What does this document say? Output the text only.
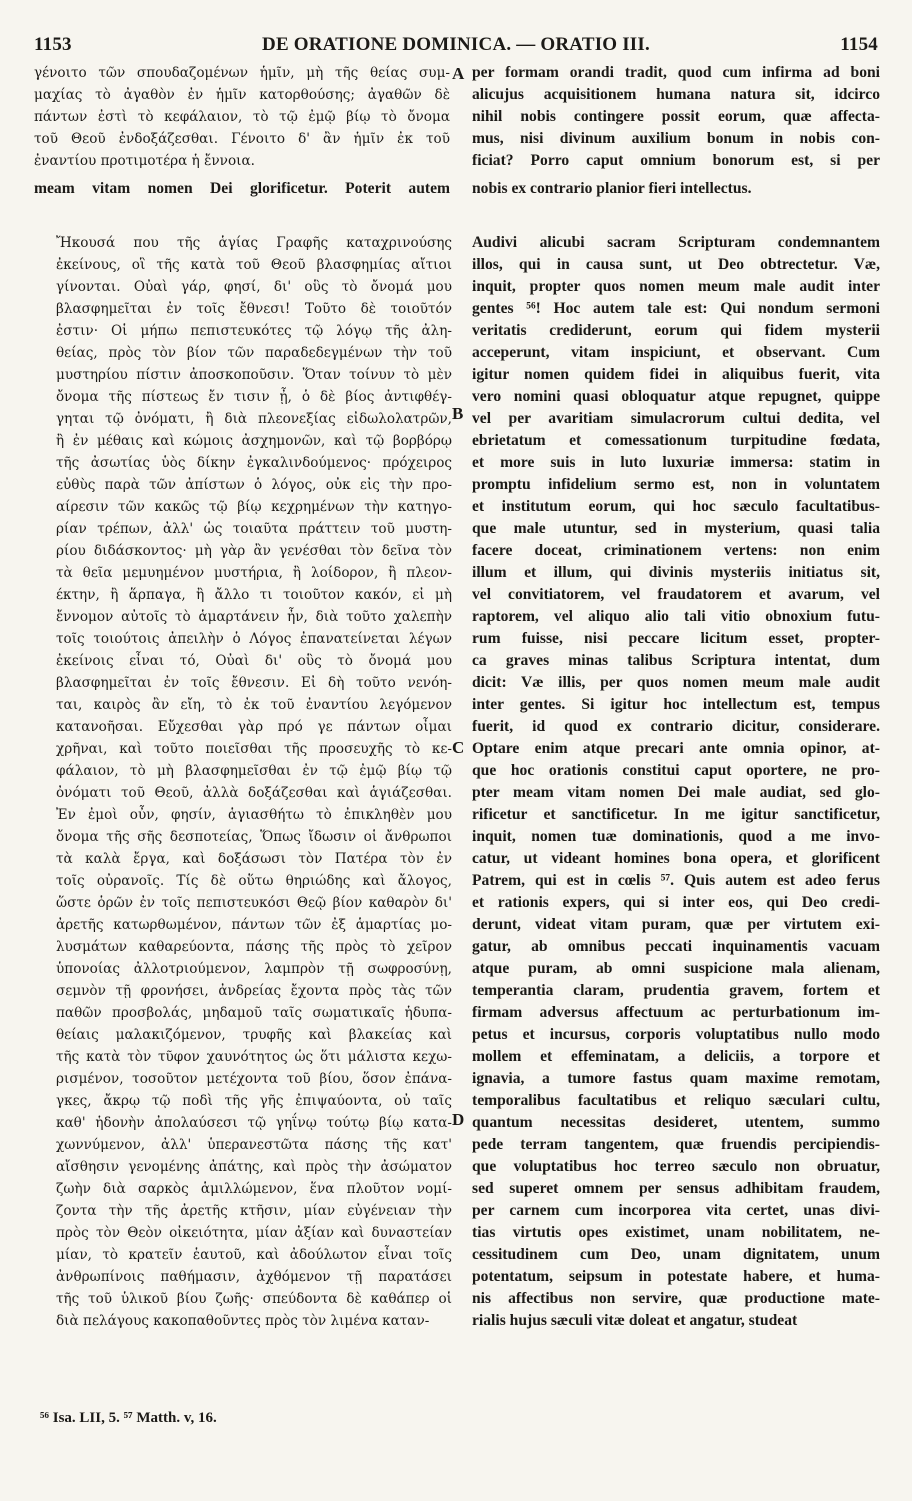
1153	DE ORATIONE DOMINICA. — ORATIO III.	1154
γένοιτο τῶν σπουδαζομένων ἡμῖν, μὴ τῆς θείας συμ-
μαχίας τὸ ἀγαθὸν ἐν ἡμῖν κατορθούσης; ἀγαθῶν δὲ
πάντων ἐστὶ τὸ κεφάλαιον, τὸ τῷ ἐμῷ βίῳ τὸ ὄνομα
τοῦ Θεοῦ ἐνδοξάζεσθαι. Γένοιτο δ' ἂν ἡμῖν ἐκ τοῦ
ἐναντίου προτιμοτέρα ἡ ἔννοια.
per formam orandi tradit, quod cum infirma ad boni
alicujus acquisitionem humana natura sit, idcirco
nihil nobis contingere possit eorum, quæ affecta-
mus, nisi divinum auxilium bonum in nobis con-
ficiat? Porro caput omnium bonorum est, si per
meam vitam nomen Dei glorificetur. Poterit autem nobis ex contrario planior fieri intellectus.
A
B
C
D
Ἤκουσά που τῆς ἁγίας Γραφῆς καταχρινούσης
ἐκείνους, οἳ τῆς κατὰ τοῦ Θεοῦ βλασφημίας αἴτιοι
γίνονται. Οὐαὶ γάρ, φησί, δι' οὓς τὸ ὄνομά μου
βλασφημεῖται ἐν τοῖς ἔθνεσι! Τοῦτο δὲ τοιοῦτόν
ἐστιν· Οἱ μήπω πεπιστευκότες τῷ λόγῳ τῆς ἀλη-
θείας, πρὸς τὸν βίον τῶν παραδεδεγμένων τὴν τοῦ
μυστηρίου πίστιν ἀποσκοποῦσιν. Ὅταν τοίνυν τὸ μὲν
ὄνομα τῆς πίστεως ἔν τισιν ᾖ, ὁ δὲ βίος ἀντιφθέγ-
γηται τῷ ὀνόματι, ἢ διὰ πλεονεξίας εἰδωλολατρῶν,
ἢ ἐν μέθαις καὶ κώμοις ἀσχημονῶν, καὶ τῷ βορβόρῳ
τῆς ἀσωτίας ὑὸς δίκην ἐγκαλινδούμενος· πρόχειρος
εὐθὺς παρὰ τῶν ἀπίστων ὁ λόγος, οὐκ εἰς τὴν προ-
αίρεσιν τῶν κακῶς τῷ βίῳ κεχρημένων τὴν κατηγο-
ρίαν τρέπων, ἀλλ' ὡς τοιαῦτα πράττειν τοῦ μυστη-
ρίου διδάσκοντος· μὴ γὰρ ἂν γενέσθαι τὸν δεῖνα τὸν
τὰ θεῖα μεμυημένον μυστήρια, ἢ λοίδορον, ἢ πλεον-
έκτην, ἢ ἅρπαγα, ἢ ἄλλο τι τοιοῦτον κακόν, εἰ μὴ
ἔννομον αὐτοῖς τὸ ἁμαρτάνειν ἦν, διὰ τοῦτο χαλεπὴν
τοῖς τοιούτοις ἀπειλὴν ὁ Λόγος ἐπανατείνεται λέγων
ἐκείνοις εἶναι τό, Οὐαὶ δι' οὓς τὸ ὄνομά μου
βλασφημεῖται ἐν τοῖς ἔθνεσιν. Εἰ δὴ τοῦτο νενόη-
ται, καιρὸς ἂν εἴη, τὸ ἐκ τοῦ ἐναντίου λεγόμενον
κατανοῆσαι. Εὔχεσθαι γὰρ πρό γε πάντων οἶμαι
χρῆναι, καὶ τοῦτο ποιεῖσθαι τῆς προσευχῆς τὸ κε-
φάλαιον, τὸ μὴ βλασφημεῖσθαι ἐν τῷ ἐμῷ βίῳ τῷ
ὀνόματι τοῦ Θεοῦ, ἀλλὰ δοξάζεσθαι καὶ ἁγιάζεσθαι.
Ἐν ἐμοὶ οὖν, φησίν, ἁγιασθήτω τὸ ἐπικληθὲν μου
ὄνομα τῆς σῆς δεσποτείας, Ὅπως ἴδωσιν οἱ ἄνθρωποι
τὰ καλὰ ἔργα, καὶ δοξάσωσι τὸν Πατέρα τὸν ἐν
τοῖς οὐρανοῖς. Τίς δὲ οὕτω θηριώδης καὶ ἄλογος,
ὥστε ὁρῶν ἐν τοῖς πεπιστευκόσι Θεῷ βίον καθαρὸν δι'
ἀρετῆς κατωρθωμένον, πάντων τῶν ἐξ ἁμαρτίας μο-
λυσμάτων καθαρεύοντα, πάσης τῆς πρὸς τὸ χεῖρον
ὑπονοίας ἀλλοτριούμενον, λαμπρὸν τῇ σωφροσύνῃ,
σεμνὸν τῇ φρονήσει, ἀνδρείας ἔχοντα πρὸς τὰς τῶν
παθῶν προσβολάς, μηδαμοῦ ταῖς σωματικαῖς ἡδυπα-
θείαις μαλακιζόμενον, τρυφῆς καὶ βλακείας καὶ
τῆς κατὰ τὸν τῦφον χαυνότητος ὡς ὅτι μάλιστα κεχω-
ρισμένον, τοσοῦτον μετέχοντα τοῦ βίου, ὅσον ἐπάνα-
γκες, ἄκρῳ τῷ ποδὶ τῆς γῆς ἐπιψαύοντα, οὐ ταῖς
καθ' ἡδονὴν ἀπολαύσεσι τῷ γηΐνῳ τούτῳ βίῳ κατα-
χωννύμενον, ἀλλ' ὑπερανεστῶτα πάσης τῆς κατ'
αἴσθησιν γενομένης ἀπάτης, καὶ πρὸς τὴν ἀσώματον
ζωὴν διὰ σαρκὸς ἁμιλλώμενον, ἕνα πλοῦτον νομί-
ζοντα τὴν τῆς ἀρετῆς κτῆσιν, μίαν εὐγένειαν τὴν
πρὸς τὸν Θεὸν οἰκειότητα, μίαν ἀξίαν καὶ δυναστείαν
μίαν, τὸ κρατεῖν ἑαυτοῦ, καὶ ἀδούλωτον εἶναι τοῖς
ἀνθρωπίνοις παθήμασιν, ἀχθόμενον τῇ παρατάσει
τῆς τοῦ ὑλικοῦ βίου ζωῆς· σπεύδοντα δὲ καθάπερ οἱ
διὰ πελάγους κακοπαθοῦντες πρὸς τὸν λιμένα καταν-
Audivi alicubi sacram Scripturam condemnantem
illos, qui in causa sunt, ut Deo obtrectetur. Væ,
inquit, propter quos nomen meum male audit inter
gentes ⁵⁶! Hoc autem tale est: Qui nondum sermoni
veritatis crediderunt, eorum qui fidem mysterii
acceperunt, vitam inspiciunt, et observant. Cum
igitur nomen quidem fidei in aliquibus fuerit, vita
vero nomini quasi obloquatur atque repugnet, quippe
vel per avaritiam simulacrorum cultui dedita, vel
ebrietatum et comessationum turpitudine fœdata,
et more suis in luto luxuriæ immersa: statim in
promptu infidelium sermo est, non in voluntatem
et institutum eorum, qui hoc sæculo facultatibus-
que male utuntur, sed in mysterium, quasi talia
facere doceat, criminationem vertens: non enim
illum et illum, qui divinis mysteriis initiatus sit,
vel convitiatorem, vel fraudatorem et avarum, vel
raptorem, vel aliquo alio tali vitio obnoxium futu-
rum fuisse, nisi peccare licitum esset, propter-
ca graves minas talibus Scriptura intentat, dum
dicit: Væ illis, per quos nomen meum male audit
inter gentes. Si igitur hoc intellectum est, tempus
fuerit, id quod ex contrario dicitur, considerare.
Optare enim atque precari ante omnia opinor, at-
que hoc orationis constitui caput oportere, ne pro-
pter meam vitam nomen Dei male audiat, sed glo-
rificetur et sanctificetur. In me igitur sanctificetur,
inquit, nomen tuæ dominationis, quod a me invo-
catur, ut videant homines bona opera, et glorificent
Patrem, qui est in cœlis ⁵⁷. Quis autem est adeo ferus
et rationis expers, qui si inter eos, qui Deo credi-
derunt, videat vitam puram, quæ per virtutem exi-
gatur, ab omnibus peccati inquinamentis vacuam
atque puram, ab omni suspicione mala alienam,
temperantia claram, prudentia gravem, fortem et
firmam adversus affectuum ac perturbationum im-
petus et incursus, corporis voluptatibus nullo modo
mollem et effeminatam, a deliciis, a torpore et
ignavia, a tumore fastus quam maxime remotam,
temporalibus facultatibus et reliquo sæculari cultu,
quantum necessitas desideret, utentem, summo
pede terram tangentem, quæ fruendis percipiendis-
que voluptatibus hoc terreo sæculo non obruatur,
sed superet omnem per sensus adhibitam fraudem,
per carnem cum incorporea vita certet, unas divi-
tias virtutis opes existimet, unam nobilitatem, ne-
cessitudinem cum Deo, unam dignitatem, unum
potentatum, seipsum in potestate habere, et huma-
nis affectibus non servire, quæ productione mate-
rialis hujus sæculi vitæ doleat et angatur, studeat
⁵⁶ Isa. LII, 5. ⁵⁷ Matth. v, 16.
